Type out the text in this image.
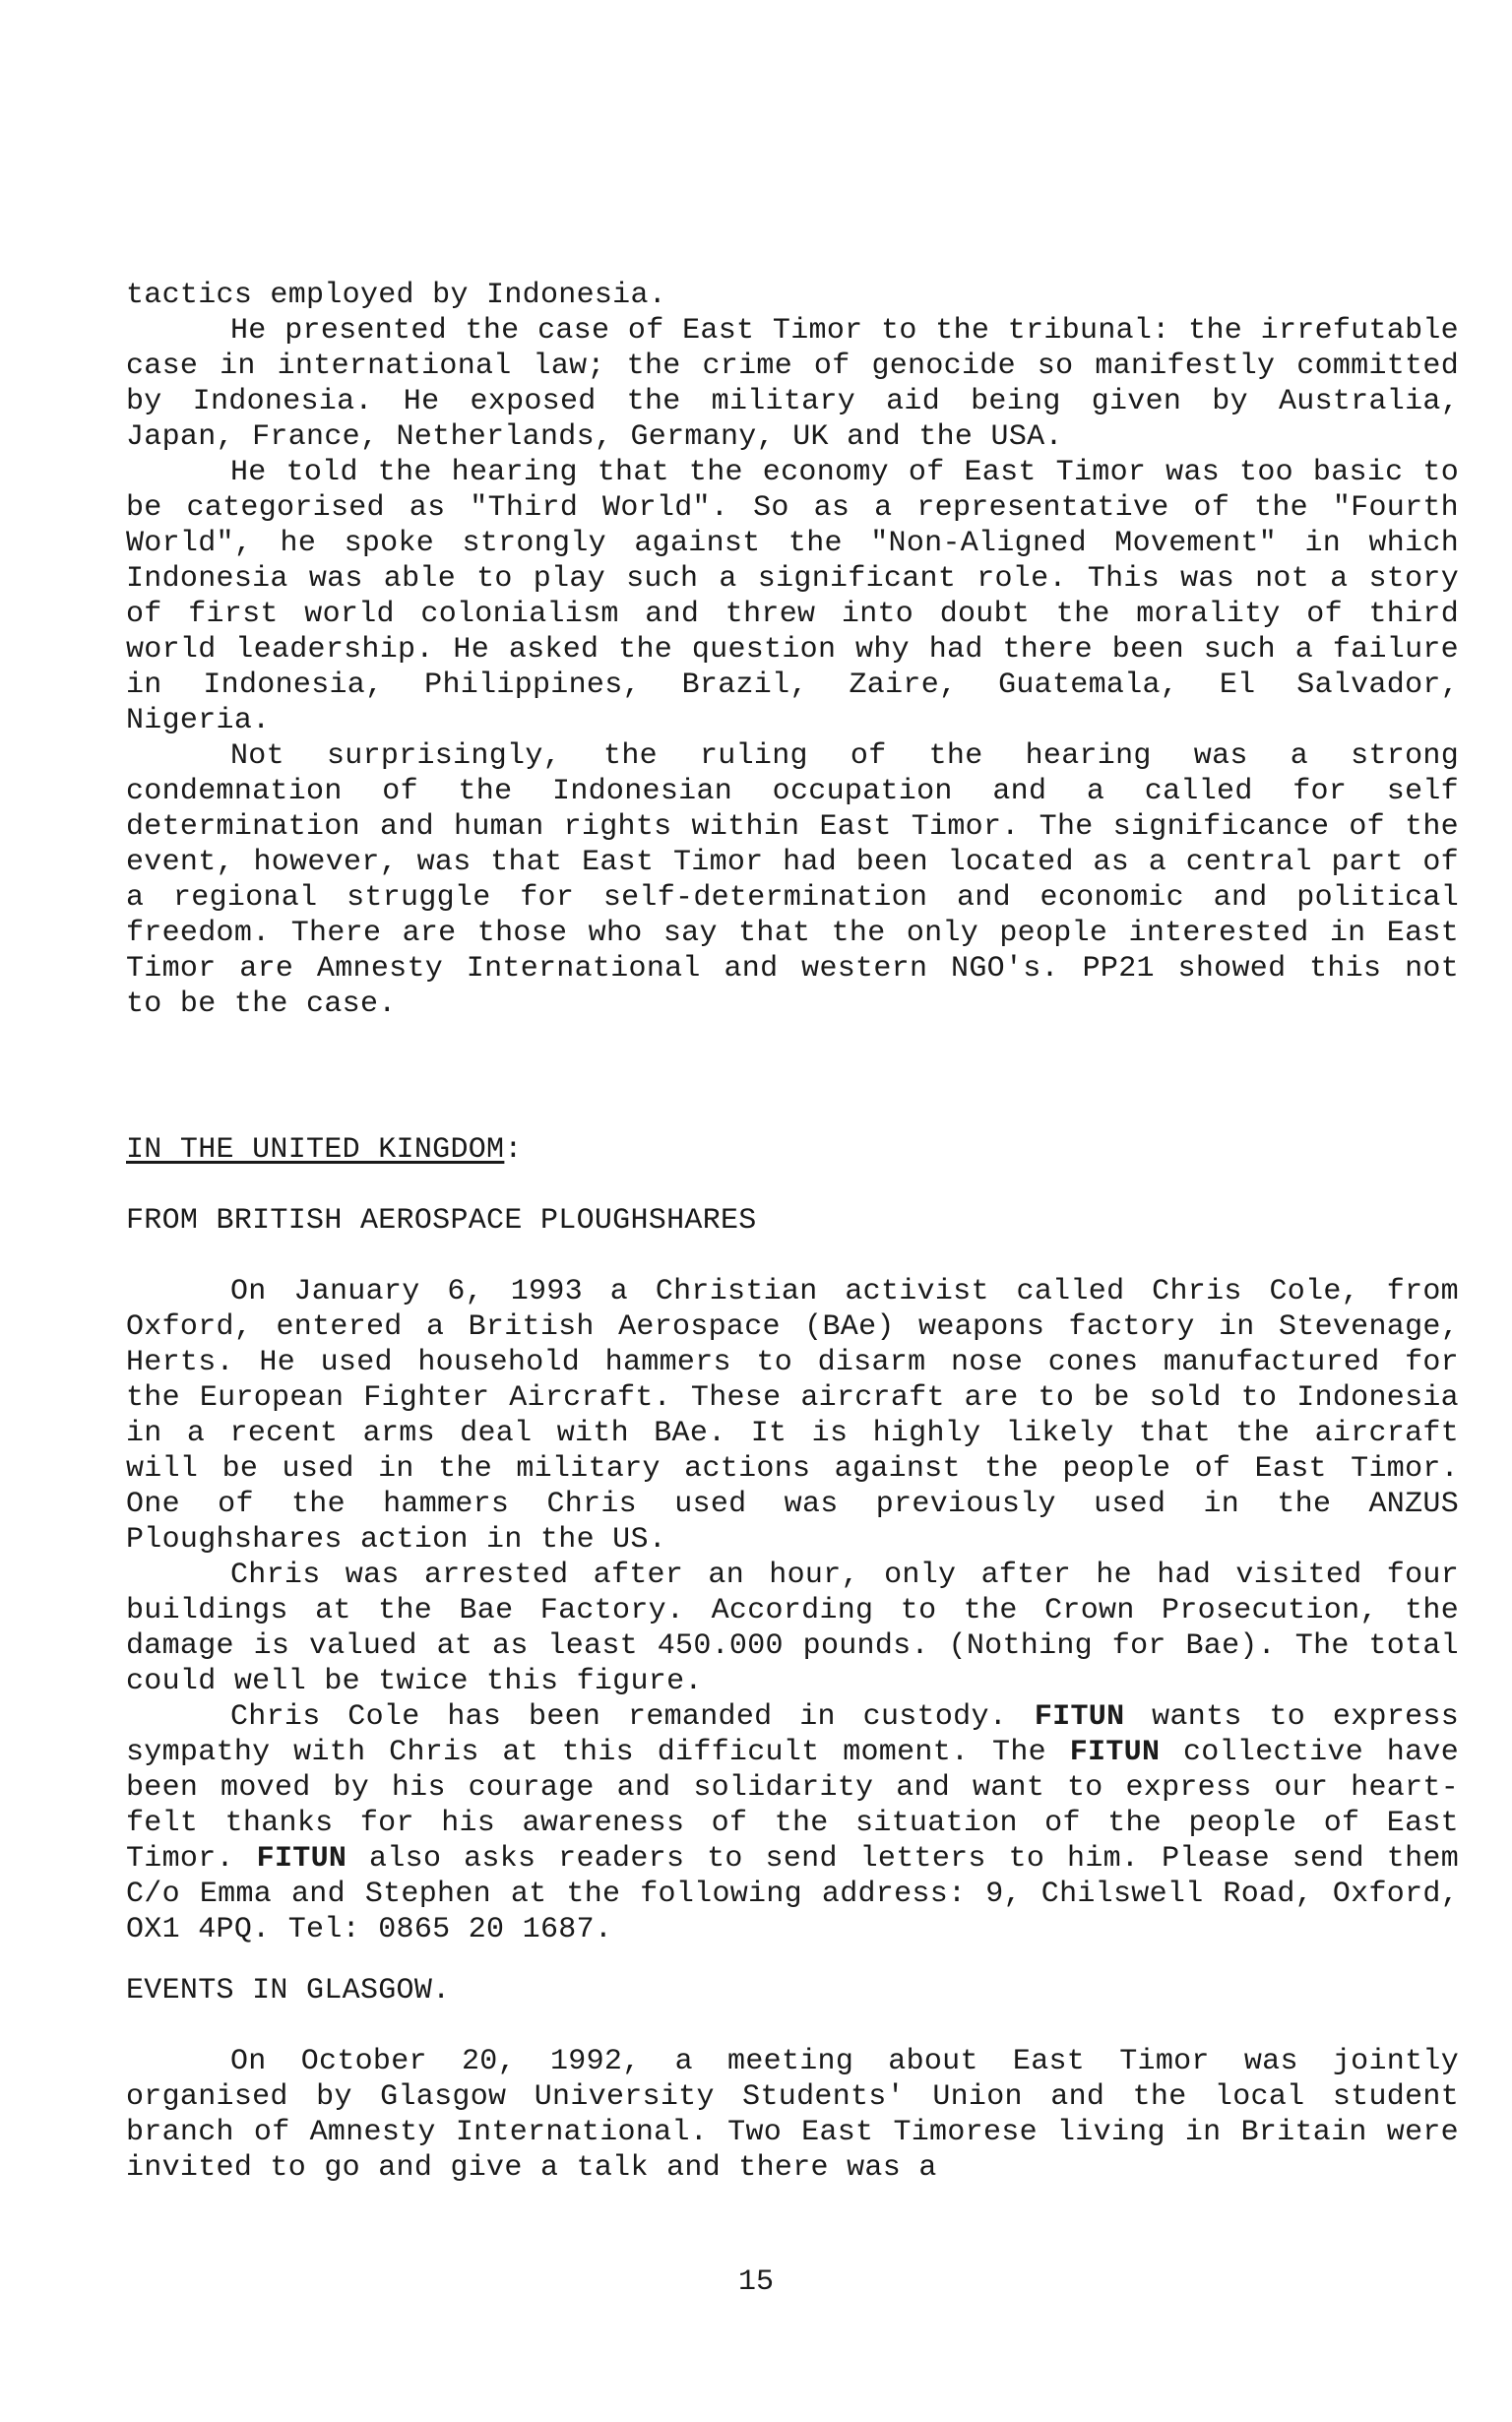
tactics employed by Indonesia.

He presented the case of East Timor to the tribunal: the irrefutable case in international law; the crime of genocide so manifestly committed by Indonesia. He exposed the military aid being given by Australia, Japan, France, Netherlands, Germany, UK and the USA.

He told the hearing that the economy of East Timor was too basic to be categorised as "Third World". So as a representative of the "Fourth World", he spoke strongly against the "Non-Aligned Movement" in which Indonesia was able to play such a significant role. This was not a story of first world colonialism and threw into doubt the morality of third world leadership. He asked the question why had there been such a failure in Indonesia, Philippines, Brazil, Zaire, Guatemala, El Salvador, Nigeria.

Not surprisingly, the ruling of the hearing was a strong condemnation of the Indonesian occupation and a called for self determination and human rights within East Timor. The significance of the event, however, was that East Timor had been located as a central part of a regional struggle for self-determination and economic and political freedom. There are those who say that the only people interested in East Timor are Amnesty International and western NGO's. PP21 showed this not to be the case.

IN THE UNITED KINGDOM:

FROM BRITISH AEROSPACE PLOUGHSHARES

On January 6, 1993 a Christian activist called Chris Cole, from Oxford, entered a British Aerospace (BAe) weapons factory in Stevenage, Herts. He used household hammers to disarm nose cones manufactured for the European Fighter Aircraft. These aircraft are to be sold to Indonesia in a recent arms deal with BAe. It is highly likely that the aircraft will be used in the military actions against the people of East Timor. One of the hammers Chris used was previously used in the ANZUS Ploughshares action in the US.

Chris was arrested after an hour, only after he had visited four buildings at the Bae Factory. According to the Crown Prosecution, the damage is valued at as least 450.000 pounds. (Nothing for Bae). The total could well be twice this figure.

Chris Cole has been remanded in custody. FITUN wants to express sympathy with Chris at this difficult moment. The FITUN collective have been moved by his courage and solidarity and want to express our heart-felt thanks for his awareness of the situation of the people of East Timor. FITUN also asks readers to send letters to him. Please send them C/o Emma and Stephen at the following address: 9, Chilswell Road, Oxford, OX1 4PQ. Tel: 0865 20 1687.

EVENTS IN GLASGOW.

On October 20, 1992, a meeting about East Timor was jointly organised by Glasgow University Students' Union and the local student branch of Amnesty International. Two East Timorese living in Britain were invited to go and give a talk and there was a

15
